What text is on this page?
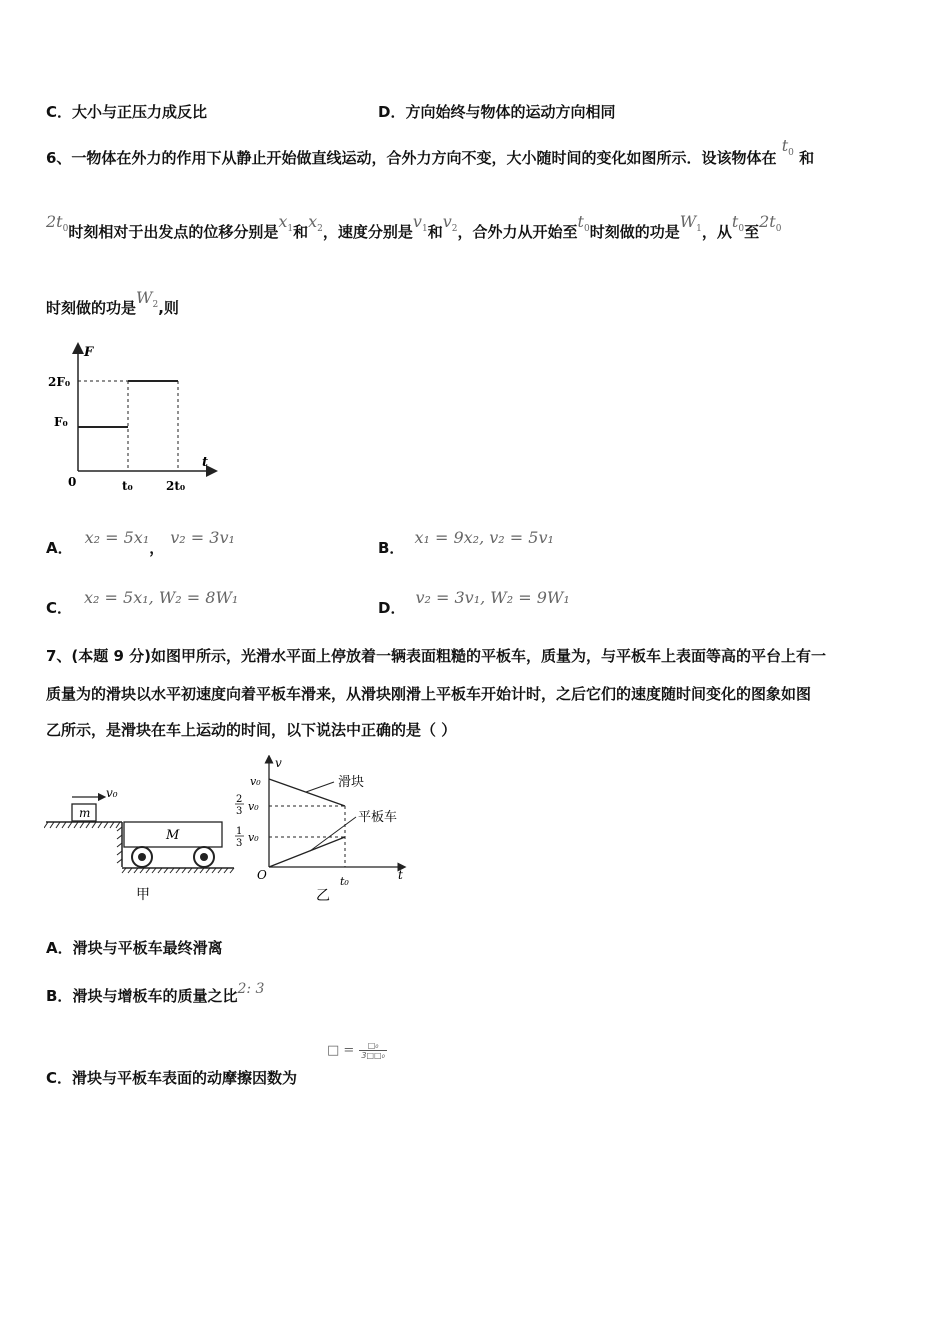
C．大小与正压力成反比	D．方向始终与物体的运动方向相同
6、一物体在外力的作用下从静止开始做直线运动，合外力方向不变，大小随时间的变化如图所示．设该物体在 $t_0$ 和
$2t_0$时刻相对于出发点的位移分别是$x_1$和$x_2$，速度分别是$v_1$和$v_2$，合外力从开始至$t_0$时刻做的功是$W_1$，从$t_0$至$2t_0$
时刻做的功是$W_2$,则
F
t
0
2F₀
F₀
t₀	2t₀
A．x₂ = 5x₁，v₂ = 3v₁
B．x₁ = 9x₂, v₂ = 5v₁
C．x₂ = 5x₁, W₂ = 8W₁
D．v₂ = 3v₁, W₂ = 9W₁
7、(本题 9 分)如图甲所示，光滑水平面上停放着一辆表面粗糙的平板车，质量为，与平板车上表面等高的平台上有一
质量为的滑块以水平初速度向着平板车滑来，从滑块刚滑上平板车开始计时，之后它们的速度随时间变化的图象如图
乙所示，是滑块在车上运动的时间，以下说法中正确的是（ ）
m
v₀
M
甲
v
t
O
v₀
2
3 v₀
1
3 v₀
t₀
滑块
平板车
乙
A．滑块与平板车最终滑离
B．滑块与增板车的质量之比2: 3
C．滑块与平板车表面的动摩擦因数为
□ = $\frac{\text{□₀}}{\text{3□□₀}}$
